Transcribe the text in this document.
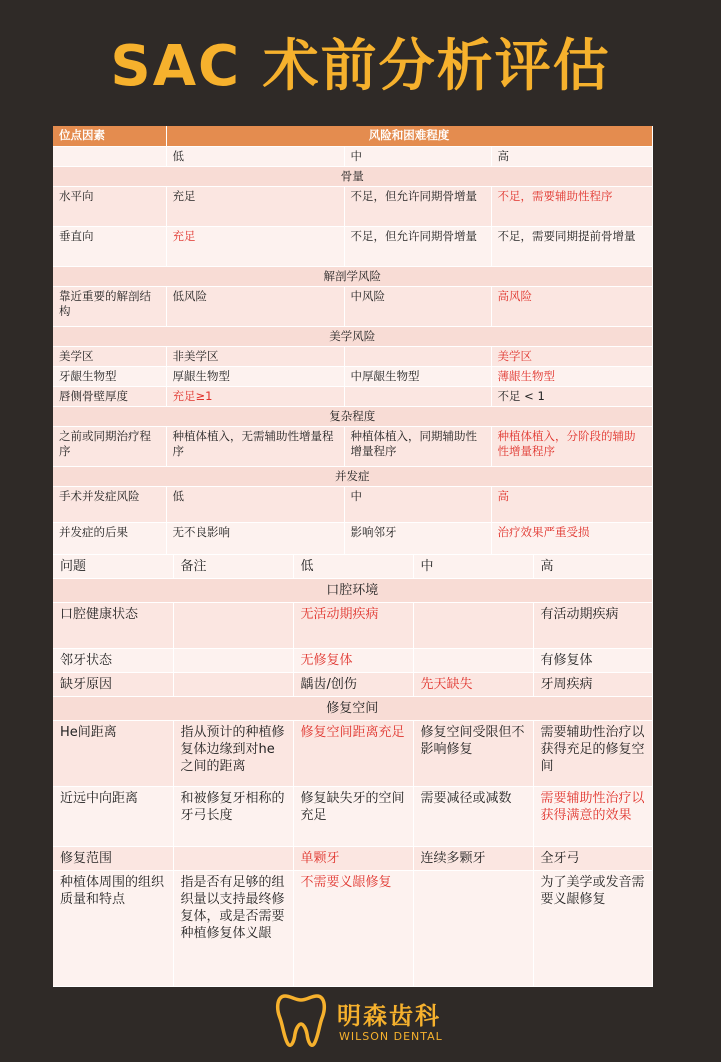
SAC 术前分析评估
位点因素	风险和困难程度		
	低	中	高
骨量			
水平向	充足	不足，但允许同期骨增量	不足，需要辅助性程序
垂直向	充足	不足，但允许同期骨增量	不足，需要同期提前骨增量
解剖学风险			
靠近重要的解剖结构	低风险	中风险	高风险
美学风险			
美学区	非美学区		美学区
牙龈生物型	厚龈生物型	中厚龈生物型	薄龈生物型
唇侧骨壁厚度	充足≥1		不足 < 1
复杂程度			
之前或同期治疗程序	种植体植入，无需辅助性增量程序	种植体植入，同期辅助性增量程序	种植体植入，分阶段的辅助性增量程序
并发症			
手术并发症风险	低	中	高
并发症的后果	无不良影响	影响邻牙	治疗效果严重受损
问题	备注	低	中	高
口腔环境				
口腔健康状态		无活动期疾病		有活动期疾病
邻牙状态		无修复体		有修复体
缺牙原因		龋齿/创伤	先天缺失	牙周疾病
修复空间				
He间距离	指从预计的种植修复体边缘到对he之间的距离	修复空间距离充足	修复空间受限但不影响修复	需要辅助性治疗以获得充足的修复空间
近远中向距离	和被修复牙相称的牙弓长度	修复缺失牙的空间充足	需要减径或减数	需要辅助性治疗以获得满意的效果
修复范围		单颗牙	连续多颗牙	全牙弓
种植体周围的组织质量和特点	指是否有足够的组织量以支持最终修复体，或是否需要种植修复体义龈	不需要义龈修复		为了美学或发音需要义龈修复
明森齿科
WILSON DENTAL
